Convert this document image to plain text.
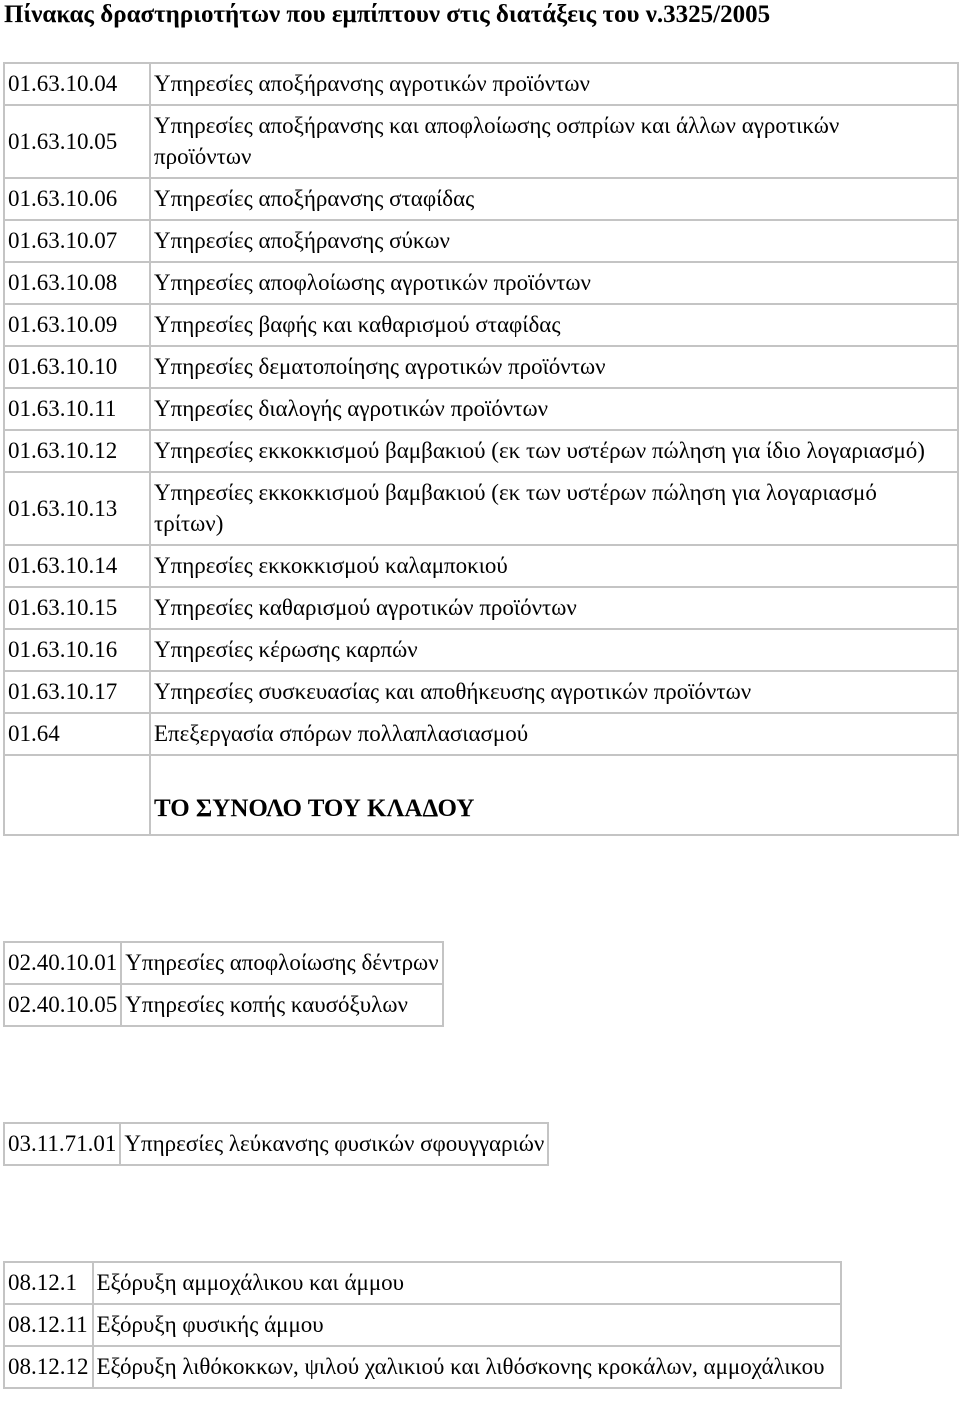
Πίνακας δραστηριοτήτων που εμπίπτουν στις διατάξεις του ν.3325/2005
01.63.10.04	Υπηρεσίες αποξήρανσης αγροτικών προϊόντων
01.63.10.05	Υπηρεσίες αποξήρανσης και αποφλοίωσης οσπρίων και άλλων αγροτικών προϊόντων

01.63.10.06	Υπηρεσίες αποξήρανσης σταφίδας
01.63.10.07	Υπηρεσίες αποξήρανσης σύκων
01.63.10.08	Υπηρεσίες αποφλοίωσης αγροτικών προϊόντων
01.63.10.09	Υπηρεσίες βαφής και καθαρισμού σταφίδας
01.63.10.10	Υπηρεσίες δεματοποίησης αγροτικών προϊόντων
01.63.10.11	Υπηρεσίες διαλογής αγροτικών προϊόντων
01.63.10.12	Υπηρεσίες εκκοκκισμού βαμβακιού (εκ των υστέρων πώληση για ίδιο λογαριασμό)

01.63.10.13	Υπηρεσίες εκκοκκισμού βαμβακιού (εκ των υστέρων πώληση για λογαριασμό τρίτων)

01.63.10.14	Υπηρεσίες εκκοκκισμού καλαμποκιού
01.63.10.15	Υπηρεσίες καθαρισμού αγροτικών προϊόντων
01.63.10.16	Υπηρεσίες κέρωσης καρπών
01.63.10.17	Υπηρεσίες συσκευασίας και αποθήκευσης αγροτικών προϊόντων
01.64	Επεξεργασία σπόρων πολλαπλασιασμού
	ΤΟ ΣΥΝΟΛΟ ΤΟΥ ΚΛΑΔΟΥ
02.40.10.01	Υπηρεσίες αποφλοίωσης δέντρων
02.40.10.05	Υπηρεσίες κοπής καυσόξυλων
03.11.71.01	Υπηρεσίες λεύκανσης φυσικών σφουγγαριών
08.12.1	Εξόρυξη αμμοχάλικου και άμμου
08.12.11	Εξόρυξη φυσικής άμμου
08.12.12	Εξόρυξη λιθόκοκκων, ψιλού χαλικιού και λιθόσκονης κροκάλων, αμμοχάλικου
